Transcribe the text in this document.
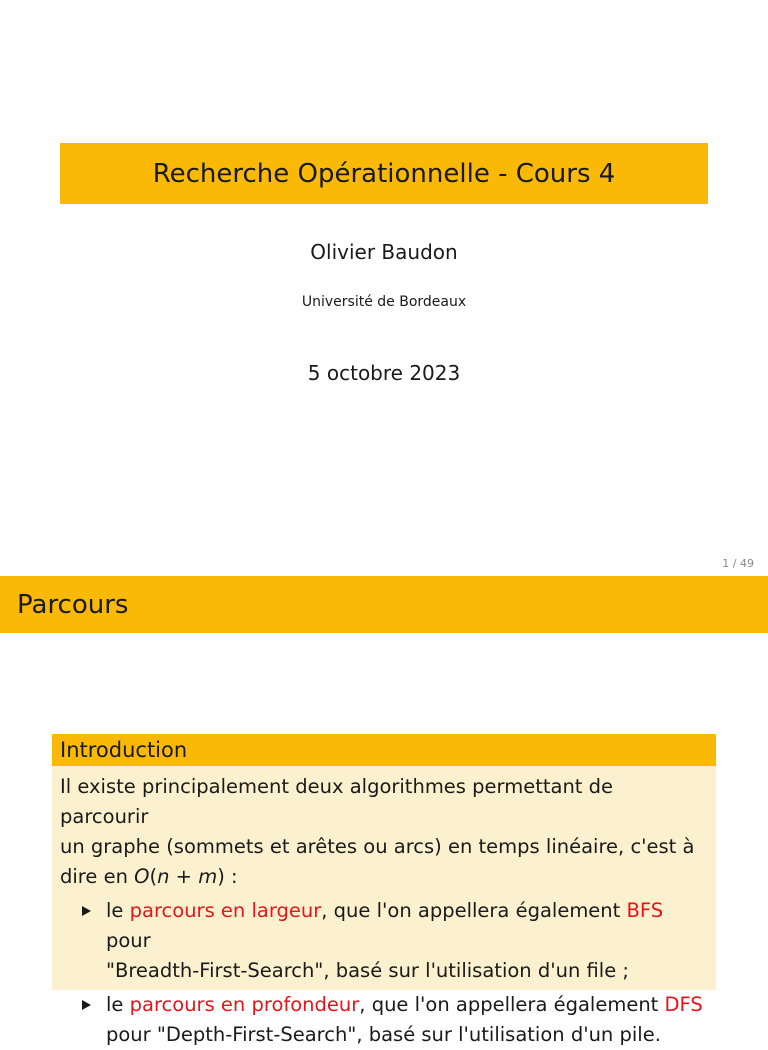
Recherche Opérationnelle - Cours 4
Olivier Baudon
Université de Bordeaux
5 octobre 2023
1 / 49
Parcours
Introduction

Il existe principalement deux algorithmes permettant de parcourir
un graphe (sommets et arêtes ou arcs) en temps linéaire, c'est à
dire en O(n + m) :

le parcours en largeur, que l'on appellera également BFS pour
"Breadth-First-Search", basé sur l'utilisation d'un file ;
le parcours en profondeur, que l'on appellera également DFS
pour "Depth-First-Search", basé sur l'utilisation d'un pile.
